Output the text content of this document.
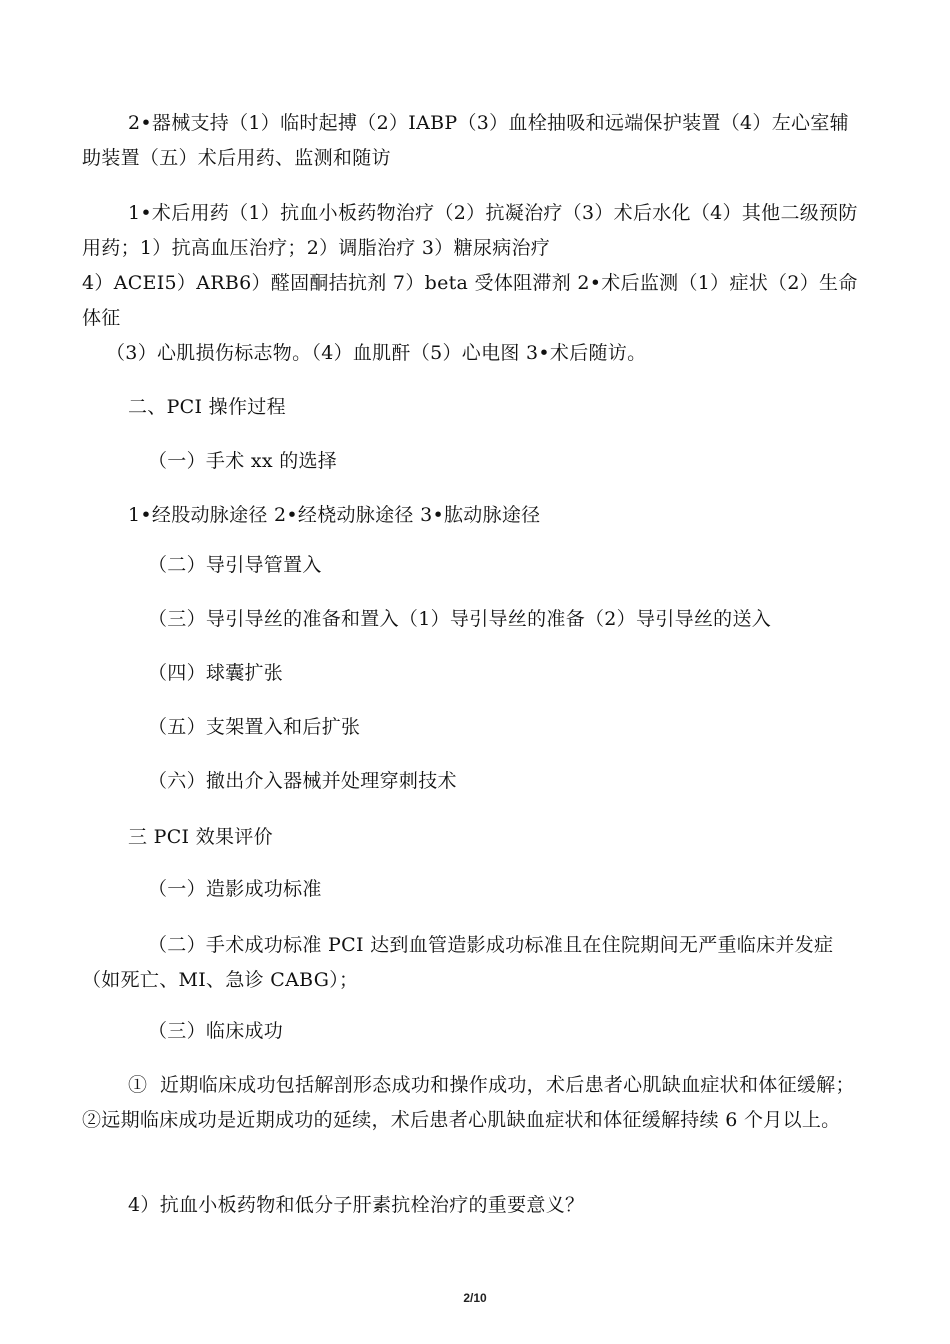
2•器械支持（1）临时起搏（2）IABP（3）血栓抽吸和远端保护装置（4）左心室辅助装置（五）术后用药、监测和随访

1•术后用药（1）抗血小板药物治疗（2）抗凝治疗（3）术后水化（4）其他二级预防用药；1）抗高血压治疗；2）调脂治疗 3）糖尿病治疗

4）ACEI5）ARB6）醛固酮拮抗剂 7）beta 受体阻滞剂 2•术后监测（1）症状（2）生命体征

（3）心肌损伤标志物。（4）血肌酐（5）心电图 3•术后随访。

二、PCI 操作过程

（一）手术 xx 的选择

1•经股动脉途径 2•经桡动脉途径 3•肱动脉途径

（二）导引导管置入

（三）导引导丝的准备和置入（1）导引导丝的准备（2）导引导丝的送入

（四）球囊扩张

（五）支架置入和后扩张

（六）撤出介入器械并处理穿刺技术

三 PCI 效果评价

（一）造影成功标准

（二）手术成功标准 PCI 达到血管造影成功标准且在住院期间无严重临床并发症（如死亡、MI、急诊 CABG）；

（三）临床成功

①  近期临床成功包括解剖形态成功和操作成功，术后患者心肌缺血症状和体征缓解；②远期临床成功是近期成功的延续，术后患者心肌缺血症状和体征缓解持续 6 个月以上。

4）抗血小板药物和低分子肝素抗栓治疗的重要意义？

2/10
